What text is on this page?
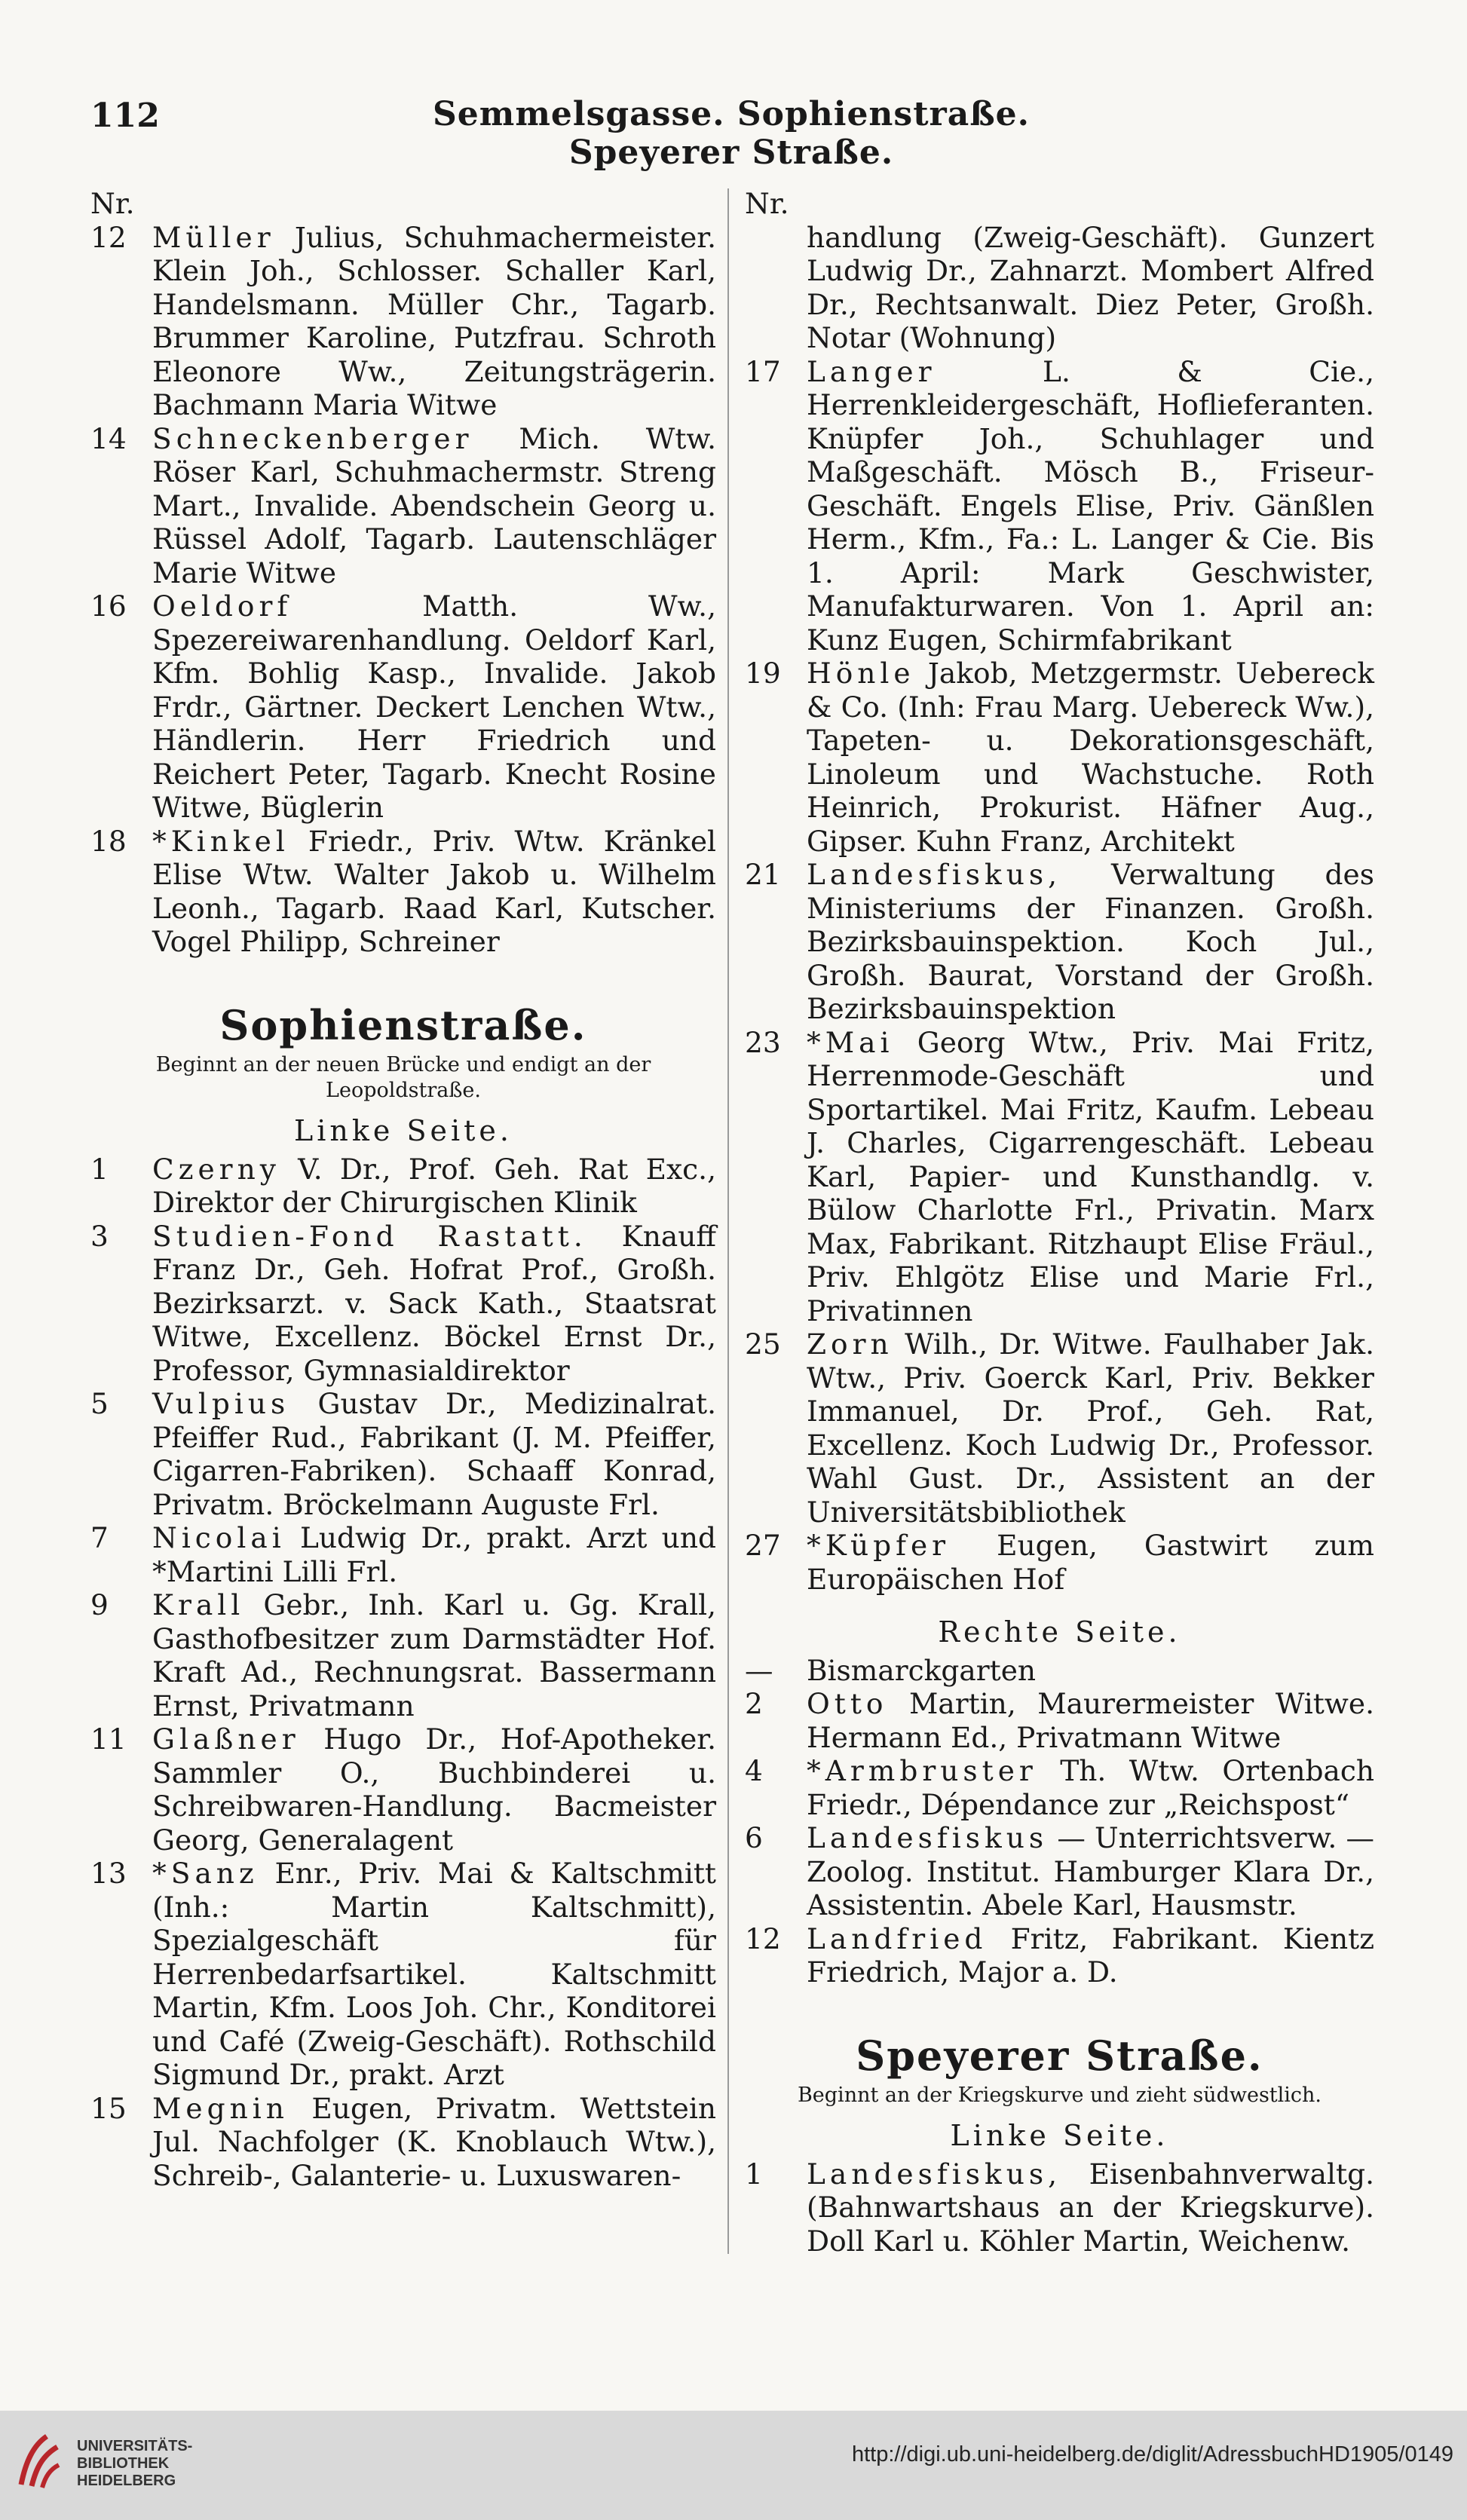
112	Semmelsgasse. Sophienstraße. Speyerer Straße.
Nr.
12 Müller Julius, Schuhmachermeister. Klein Joh., Schlosser. Schaller Karl, Handelsmann. Müller Chr., Tagarb. Brummer Karoline, Putzfrau. Schroth Eleonore Ww., Zeitungsträgerin. Bachmann Maria Witwe
14 Schneckenberger Mich. Wtw. Röser Karl, Schuhmachermstr. Streng Mart., Invalide. Abendschein Georg u. Rüssel Adolf, Tagarb. Lautenschläger Marie Witwe
16 Oeldorf Matth. Ww., Spezereiwarenhandlung. Oeldorf Karl, Kfm. Bohlig Kasp., Invalide. Jakob Frdr., Gärtner. Deckert Lenchen Wtw., Händlerin. Herr Friedrich und Reichert Peter, Tagarb. Knecht Rosine Witwe, Büglerin
18 *Kinkel Friedr., Priv. Wtw. Kränkel Elise Wtw. Walter Jakob u. Wilhelm Leonh., Tagarb. Raad Karl, Kutscher. Vogel Philipp, Schreiner
Sophienstraße.
Beginnt an der neuen Brücke und endigt an der Leopoldstraße.
Linke Seite.
1	Czerny V. Dr., Prof. Geh. Rat Exc., Direktor der Chirurgischen Klinik
3	Studien-Fond Rastatt. Knauff Franz Dr., Geh. Hofrat Prof., Großh. Bezirksarzt. v. Sack Kath., Staatsrat Witwe, Excellenz. Böckel Ernst Dr., Professor, Gymnasialdirektor
5	Vulpius Gustav Dr., Medizinalrat. Pfeiffer Rud., Fabrikant (J. M. Pfeiffer, Cigarren-Fabriken). Schaaff Konrad, Privatm. Bröckelmann Auguste Frl.
7	Nicolai Ludwig Dr., prakt. Arzt und *Martini Lilli Frl.
9	Krall Gebr., Inh. Karl u. Gg. Krall, Gasthofbesitzer zum Darmstädter Hof. Kraft Ad., Rechnungsrat. Bassermann Ernst, Privatmann
11 Glaßner Hugo Dr., Hof-Apotheker. Sammler O., Buchbinderei u. Schreibwaren-Handlung. Bacmeister Georg, Generalagent
13 *Sanz Enr., Priv. Mai & Kaltschmitt (Inh.: Martin Kaltschmitt), Spezialgeschäft für Herrenbedarfsartikel. Kaltschmitt Martin, Kfm. Loos Joh. Chr., Konditorei und Café (Zweig-Geschäft). Rothschild Sigmund Dr., prakt. Arzt
15 Megnin Eugen, Privatm. Wettstein Jul. Nachfolger (K. Knoblauch Wtw.), Schreib-, Galanterie- u. Luxuswaren-
Nr.
handlung (Zweig-Geschäft). Gunzert Ludwig Dr., Zahnarzt. Mombert Alfred Dr., Rechtsanwalt. Diez Peter, Großh. Notar (Wohnung)
17 Langer L. & Cie., Herrenkleidergeschäft, Hoflieferanten. Knüpfer Joh., Schuhlager und Maßgeschäft. Mösch B., Friseur-Geschäft. Engels Elise, Priv. Gänßlen Herm., Kfm., Fa.: L. Langer & Cie. Bis 1. April: Mark Geschwister, Manufakturwaren. Von 1. April an: Kunz Eugen, Schirmfabrikant
19 Hönle Jakob, Metzgermstr. Uebereck & Co. (Inh: Frau Marg. Uebereck Ww.), Tapeten- u. Dekorationsgeschäft, Linoleum und Wachstuche. Roth Heinrich, Prokurist. Häfner Aug., Gipser. Kuhn Franz, Architekt
21 Landesfiskus, Verwaltung des Ministeriums der Finanzen. Großh. Bezirksbauinspektion. Koch Jul., Großh. Baurat, Vorstand der Großh. Bezirksbauinspektion
23 *Mai Georg Wtw., Priv. Mai Fritz, Herrenmode-Geschäft und Sportartikel. Mai Fritz, Kaufm. Lebeau J. Charles, Cigarrengeschäft. Lebeau Karl, Papier- und Kunsthandlg. v. Bülow Charlotte Frl., Privatin. Marx Max, Fabrikant. Ritzhaupt Elise Fräul., Priv. Ehlgötz Elise und Marie Frl., Privatinnen
25 Zorn Wilh., Dr. Witwe. Faulhaber Jak. Wtw., Priv. Goerck Karl, Priv. Bekker Immanuel, Dr. Prof., Geh. Rat, Excellenz. Koch Ludwig Dr., Professor. Wahl Gust. Dr., Assistent an der Universitätsbibliothek
27 *Küpfer Eugen, Gastwirt zum Europäischen Hof
Rechte Seite.
—	Bismarckgarten
2	Otto Martin, Maurermeister Witwe. Hermann Ed., Privatmann Witwe
4	*Armbruster Th. Wtw. Ortenbach Friedr., Dépendance zur „Reichspost“
6	Landesfiskus — Unterrichtsverw. — Zoolog. Institut. Hamburger Klara Dr., Assistentin. Abele Karl, Hausmstr.
12 Landfried Fritz, Fabrikant. Kientz Friedrich, Major a. D.
Speyerer Straße.
Beginnt an der Kriegskurve und zieht südwestlich.
Linke Seite.
1	Landesfiskus, Eisenbahnverwaltg. (Bahnwartshaus an der Kriegskurve). Doll Karl u. Köhler Martin, Weichenw.
UNIVERSITÄTS-
BIBLIOTHEK
HEIDELBERG
http://digi.ub.uni-heidelberg.de/diglit/AdressbuchHD1905/0149
